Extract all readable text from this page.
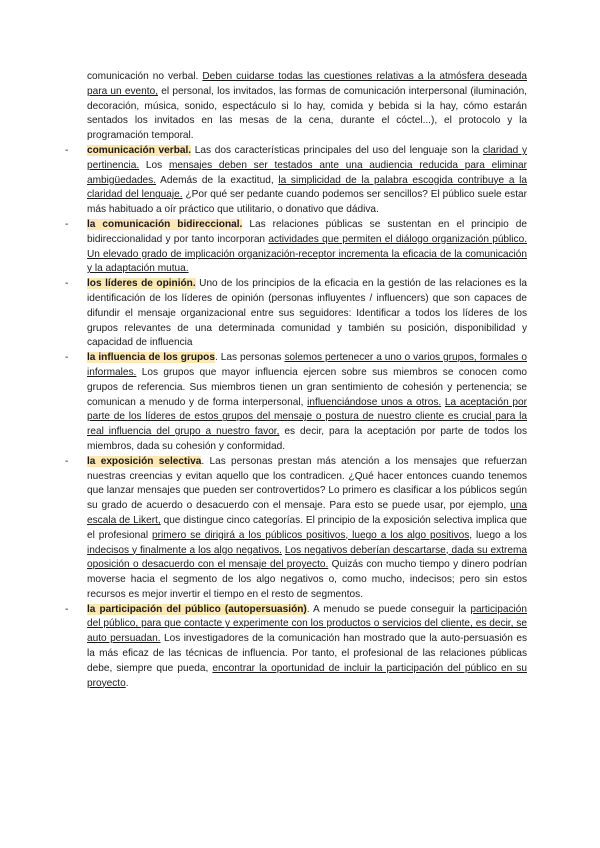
comunicación no verbal. Deben cuidarse todas las cuestiones relativas a la atmósfera deseada para un evento, el personal, los invitados, las formas de comunicación interpersonal (iluminación, decoración, música, sonido, espectáculo si lo hay, comida y bebida si la hay, cómo estarán sentados los invitados en las mesas de la cena, durante el cóctel...), el protocolo y la programación temporal.

- comunicación verbal. Las dos características principales del uso del lenguaje son la claridad y pertinencia. Los mensajes deben ser testados ante una audiencia reducida para eliminar ambigüedades. Además de la exactitud, la simplicidad de la palabra escogida contribuye a la claridad del lenguaje. ¿Por qué ser pedante cuando podemos ser sencillos? El público suele estar más habituado a oír práctico que utilitario, o donativo que dádiva.

- la comunicación bidireccional. Las relaciones públicas se sustentan en el principio de bidireccionalidad y por tanto incorporan actividades que permiten el diálogo organización público. Un elevado grado de implicación organización-receptor incrementa la eficacia de la comunicación y la adaptación mutua.

- los líderes de opinión. Uno de los principios de la eficacia en la gestión de las relaciones es la identificación de los líderes de opinión (personas influyentes / influencers) que son capaces de difundir el mensaje organizacional entre sus seguidores: Identificar a todos los líderes de los grupos relevantes de una determinada comunidad y también su posición, disponibilidad y capacidad de influencia

- la influencia de los grupos. Las personas solemos pertenecer a uno o varios grupos, formales o informales. Los grupos que mayor influencia ejercen sobre sus miembros se conocen como grupos de referencia. Sus miembros tienen un gran sentimiento de cohesión y pertenencia; se comunican a menudo y de forma interpersonal, influenciándose unos a otros. La aceptación por parte de los líderes de estos grupos del mensaje o postura de nuestro cliente es crucial para la real influencia del grupo a nuestro favor, es decir, para la aceptación por parte de todos los miembros, dada su cohesión y conformidad.

- la exposición selectiva. Las personas prestan más atención a los mensajes que refuerzan nuestras creencias y evitan aquello que los contradicen. ¿Qué hacer entonces cuando tenemos que lanzar mensajes que pueden ser controvertidos? Lo primero es clasificar a los públicos según su grado de acuerdo o desacuerdo con el mensaje. Para esto se puede usar, por ejemplo, una escala de Likert, que distingue cinco categorías. El principio de la exposición selectiva implica que el profesional primero se dirigirá a los públicos positivos, luego a los algo positivos, luego a los indecisos y finalmente a los algo negativos. Los negativos deberían descartarse, dada su extrema oposición o desacuerdo con el mensaje del proyecto. Quizás con mucho tiempo y dinero podrían moverse hacia el segmento de los algo negativos o, como mucho, indecisos; pero sin estos recursos es mejor invertir el tiempo en el resto de segmentos.

- la participación del público (autopersuasión). A menudo se puede conseguir la participación del público, para que contacte y experimente con los productos o servicios del cliente, es decir, se auto persuadan. Los investigadores de la comunicación han mostrado que la auto-persuasión es la más eficaz de las técnicas de influencia. Por tanto, el profesional de las relaciones públicas debe, siempre que pueda, encontrar la oportunidad de incluir la participación del público en su proyecto.
